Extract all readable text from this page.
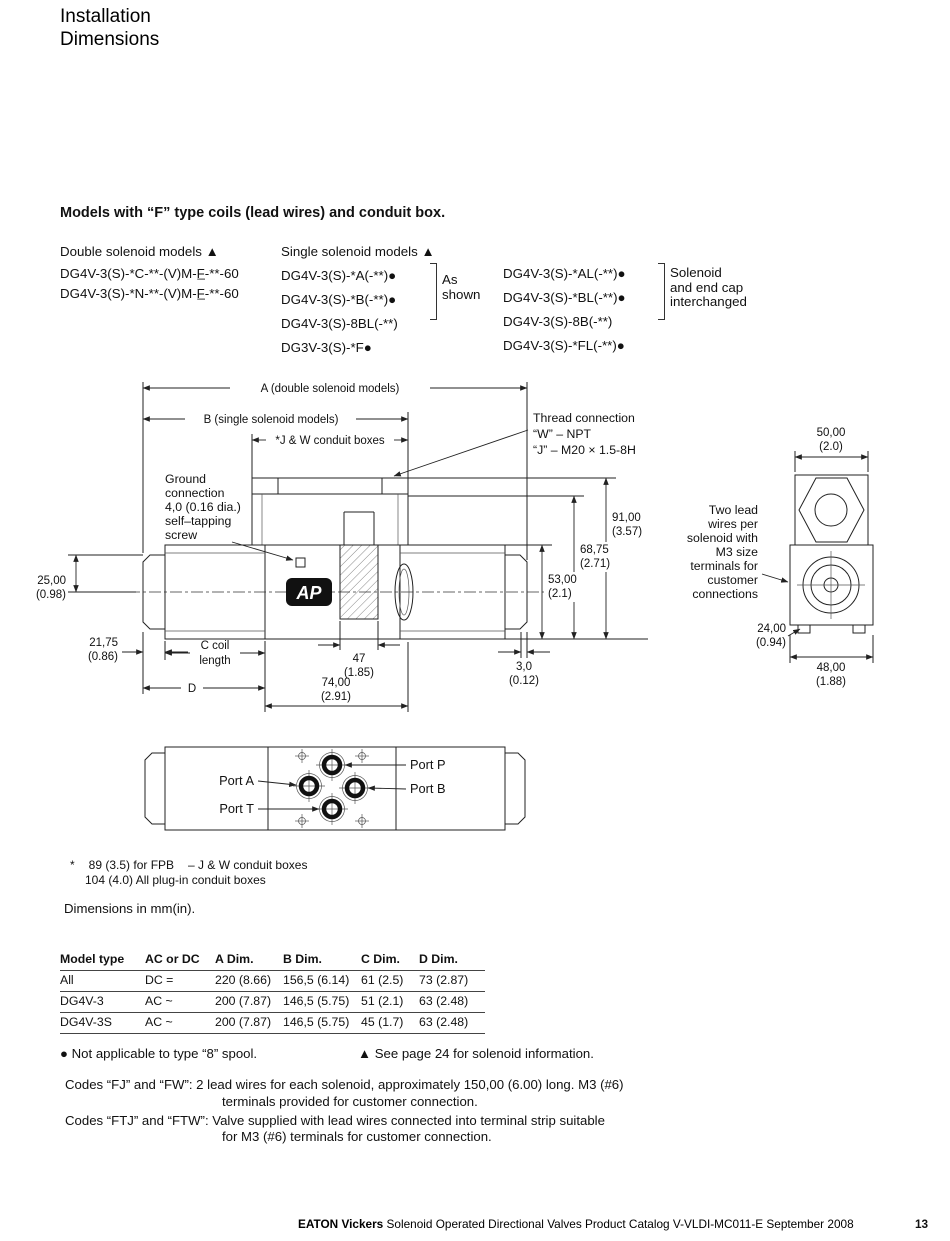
Installation
Dimensions
Models with “F” type coils (lead wires) and conduit box.
Double solenoid models ▲
DG4V-3(S)-*C-**-(V)M-F̲-**-60
DG4V-3(S)-*N-**-(V)M-F̲-**-60
Single solenoid models ▲
DG4V-3(S)-*A(-**)●
DG4V-3(S)-*B(-**)●
DG4V-3(S)-8BL(-**)
DG3V-3(S)-*F●
As
shown
DG4V-3(S)-*AL(-**)●
DG4V-3(S)-*BL(-**)●
DG4V-3(S)-8B(-**)
DG4V-3(S)-*FL(-**)●
Solenoid
and end cap
interchanged
AP
A (double solenoid models)
B (single solenoid models)
*J & W conduit boxes
Thread connection
“W” – NPT
“J” – M20 × 1.5-8H
Ground
connection
4,0 (0.16 dia.)
self–tapping
screw
91,00
(3.57)
68,75
(2.71)
53,00
(2.1)
25,00
(0.98)
21,75
(0.86)
C coil
length	47
(1.85)	3,0
(0.12)
74,00
(2.91)
D
50,00
(2.0)
24,00
(0.94)
48,00
(1.88)
Two lead
wires per
solenoid with
M3 size
terminals for
customer
connections
Port A
Port T
Port P
Port B
* 89 (3.5) for FPB – J & W conduit boxes
104 (4.0) All plug-in conduit boxes
Dimensions in mm(in).
Model type	AC or DC	A Dim.	B Dim.	C Dim.	D Dim.
All	DC =	220 (8.66)	156,5 (6.14)	61 (2.5)	73 (2.87)
DG4V-3	AC ~	200 (7.87)	146,5 (5.75)	51 (2.1)	63 (2.48)
DG4V-3S	AC ~	200 (7.87)	146,5 (5.75)	45 (1.7)	63 (2.48)
● Not applicable to type “8” spool.	▲ See page 24 for solenoid information.
Codes “FJ” and “FW”: 2 lead wires for each solenoid, approximately 150,00 (6.00) long. M3 (#6)
terminals provided for customer connection.
Codes “FTJ” and “FTW”: Valve supplied with lead wires connected into terminal strip suitable
for M3 (#6) terminals for customer connection.
EATON Vickers Solenoid Operated Directional Valves Product Catalog V-VLDI-MC011-E September 2008	13
